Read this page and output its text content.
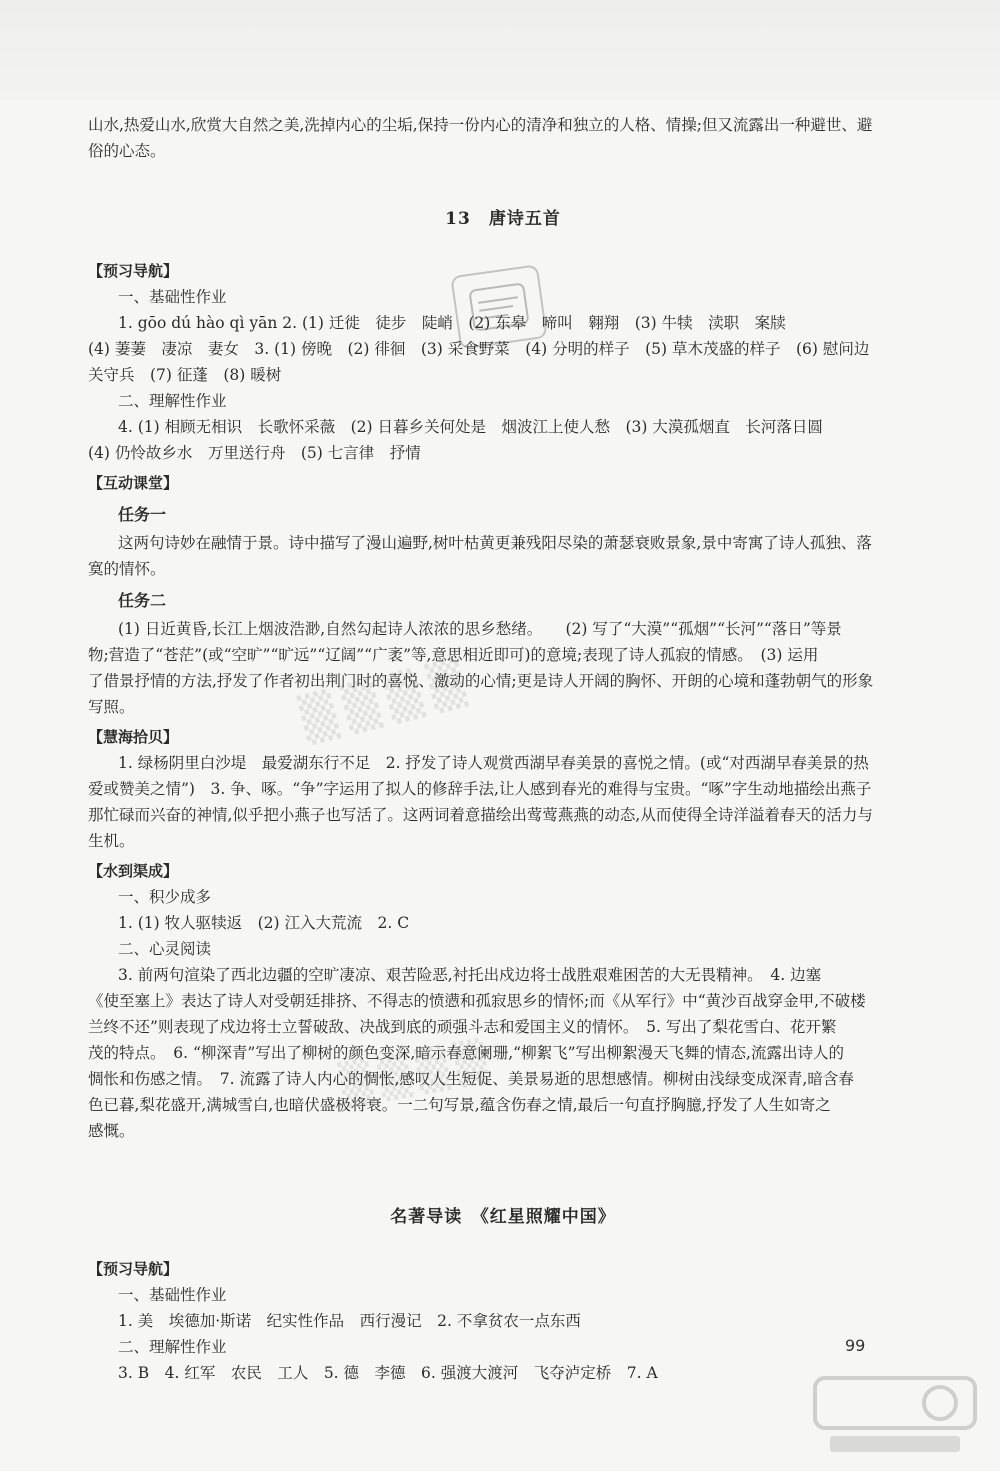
▒▒▒▒
▒▒▒▒

山水,热爱山水,欣赏大自然之美,洗掉内心的尘垢,保持一份内心的清净和独立的人格、情操;但又流露出一种避世、避

俗的心态。

13　唐诗五首
【预习导航】

一、基础性作业

1. gōo dú hào qì yān 2. (1) 迁徙　徒步　陡峭　(2) 东皋　啼叫　翱翔　(3) 牛犊　渎职　案牍

(4) 萋萋　凄凉　妻女　3. (1) 傍晚　(2) 徘徊　(3) 采食野菜　(4) 分明的样子　(5) 草木茂盛的样子　(6) 慰问边

关守兵　(7) 征蓬　(8) 暖树

二、理解性作业

4. (1) 相顾无相识　长歌怀采薇　(2) 日暮乡关何处是　烟波江上使人愁　(3) 大漠孤烟直　长河落日圆

(4) 仍怜故乡水　万里送行舟　(5) 七言律　抒情

【互动课堂】
任务一

这两句诗妙在融情于景。诗中描写了漫山遍野,树叶枯黄更兼残阳尽染的萧瑟衰败景象,景中寄寓了诗人孤独、落

寞的情怀。

任务二

(1) 日近黄昏,长江上烟波浩渺,自然勾起诗人浓浓的思乡愁绪。　　(2) 写了“大漠”“孤烟”“长河”“落日”等景

物;营造了“苍茫”(或“空旷”“旷远”“辽阔”“广袤”等,意思相近即可)的意境;表现了诗人孤寂的情感。　(3) 运用

了借景抒情的方法,抒发了作者初出荆门时的喜悦、激动的心情;更是诗人开阔的胸怀、开朗的心境和蓬勃朝气的形象

写照。

【慧海拾贝】

1. 绿杨阴里白沙堤　最爱湖东行不足　2. 抒发了诗人观赏西湖早春美景的喜悦之情。(或“对西湖早春美景的热

爱或赞美之情”)　3. 争、啄。“争”字运用了拟人的修辞手法,让人感到春光的难得与宝贵。“啄”字生动地描绘出燕子

那忙碌而兴奋的神情,似乎把小燕子也写活了。这两词着意描绘出莺莺燕燕的动态,从而使得全诗洋溢着春天的活力与

生机。

【水到渠成】

一、积少成多

1. (1) 牧人驱犊返　(2) 江入大荒流　2. C

二、心灵阅读

3. 前两句渲染了西北边疆的空旷凄凉、艰苦险恶,衬托出戍边将士战胜艰难困苦的大无畏精神。　4. 边塞

《使至塞上》表达了诗人对受朝廷排挤、不得志的愤懑和孤寂思乡的情怀;而《从军行》中“黄沙百战穿金甲,不破楼

兰终不还”则表现了戍边将士立誓破敌、决战到底的顽强斗志和爱国主义的情怀。　5. 写出了梨花雪白、花开繁

茂的特点。　6. “柳深青”写出了柳树的颜色变深,暗示春意阑珊,“柳絮飞”写出柳絮漫天飞舞的情态,流露出诗人的

惆怅和伤感之情。　7. 流露了诗人内心的惆怅,感叹人生短促、美景易逝的思想感情。柳树由浅绿变成深青,暗含春

色已暮,梨花盛开,满城雪白,也暗伏盛极将衰。一二句写景,蕴含伤春之情,最后一句直抒胸臆,抒发了人生如寄之

感慨。

名著导读　《红星照耀中国》
【预习导航】

一、基础性作业

1. 美　埃德加·斯诺　纪实性作品　西行漫记　2. 不拿贫农一点东西

二、理解性作业

3. B　4. 红军　农民　工人　5. 德　李德　6. 强渡大渡河　飞夺泸定桥　7. A

99
